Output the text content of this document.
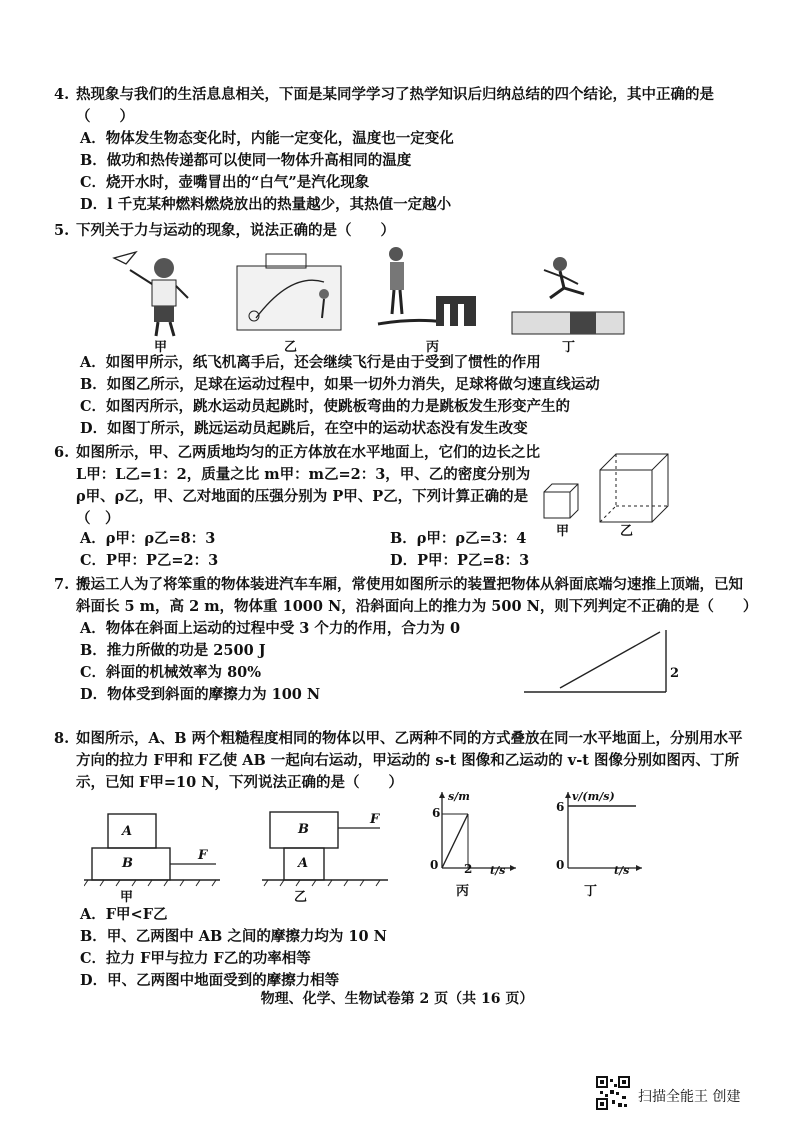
4. 热现象与我们的生活息息相关，下面是某同学学习了热学知识后归纳总结的四个结论，其中正确的是（　　）
A．物体发生物态变化时，内能一定变化，温度也一定变化
B．做功和热传递都可以使同一物体升高相同的温度
C．烧开水时，壶嘴冒出的“白气”是汽化现象
D．l 千克某种燃料燃烧放出的热量越少，其热值一定越小
5. 下列关于力与运动的现象，说法正确的是（　　）
甲	乙	丙	丁
A．如图甲所示，纸飞机离手后，还会继续飞行是由于受到了惯性的作用
B．如图乙所示，足球在运动过程中，如果一切外力消失，足球将做匀速直线运动
C．如图丙所示，跳水运动员起跳时，使跳板弯曲的力是跳板发生形变产生的
D．如图丁所示，跳远运动员起跳后，在空中的运动状态没有发生改变
6. 如图所示，甲、乙两质地均匀的正方体放在水平地面上，它们的边长之比 L甲：L乙=1：2，质量之比 m甲：m乙=2：3，甲、乙的密度分别为 ρ甲、ρ乙，甲、乙对地面的压强分别为 P甲、P乙，下列计算正确的是（　）
甲	乙
A．ρ甲：ρ乙=8：3	B．ρ甲：ρ乙=3：4
C．P甲：P乙=2：3	D．P甲：P乙=8：3
7. 搬运工人为了将笨重的物体装进汽车车厢，常使用如图所示的装置把物体从斜面底端匀速推上顶端，已知斜面长 5 m，高 2 m，物体重 1000 N，沿斜面向上的推力为 500 N，则下列判定不正确的是（　　）
A．物体在斜面上运动的过程中受 3 个力的作用，合力为 0
B．推力所做的功是 2500 J
C．斜面的机械效率为 80%
D．物体受到斜面的摩擦力为 100 N
2
8. 如图所示，A、B 两个粗糙程度相同的物体以甲、乙两种不同的方式叠放在同一水平地面上，分别用水平方向的拉力 F甲和 F乙使 AB 一起向右运动，甲运动的 s-t 图像和乙运动的 v-t 图像分别如图丙、丁所示，已知 F甲=10 N，下列说法正确的是（　　）
A
B
F
甲
B
A
F
乙
s/m
6
0 2 t/s
丙
v/(m/s)
6
0	t/s
丁
A．F甲<F乙
B．甲、乙两图中 AB 之间的摩擦力均为 10 N
C．拉力 F甲与拉力 F乙的功率相等
D．甲、乙两图中地面受到的摩擦力相等
物理、化学、生物试卷第 2 页（共 16 页）
扫描全能王 创建
